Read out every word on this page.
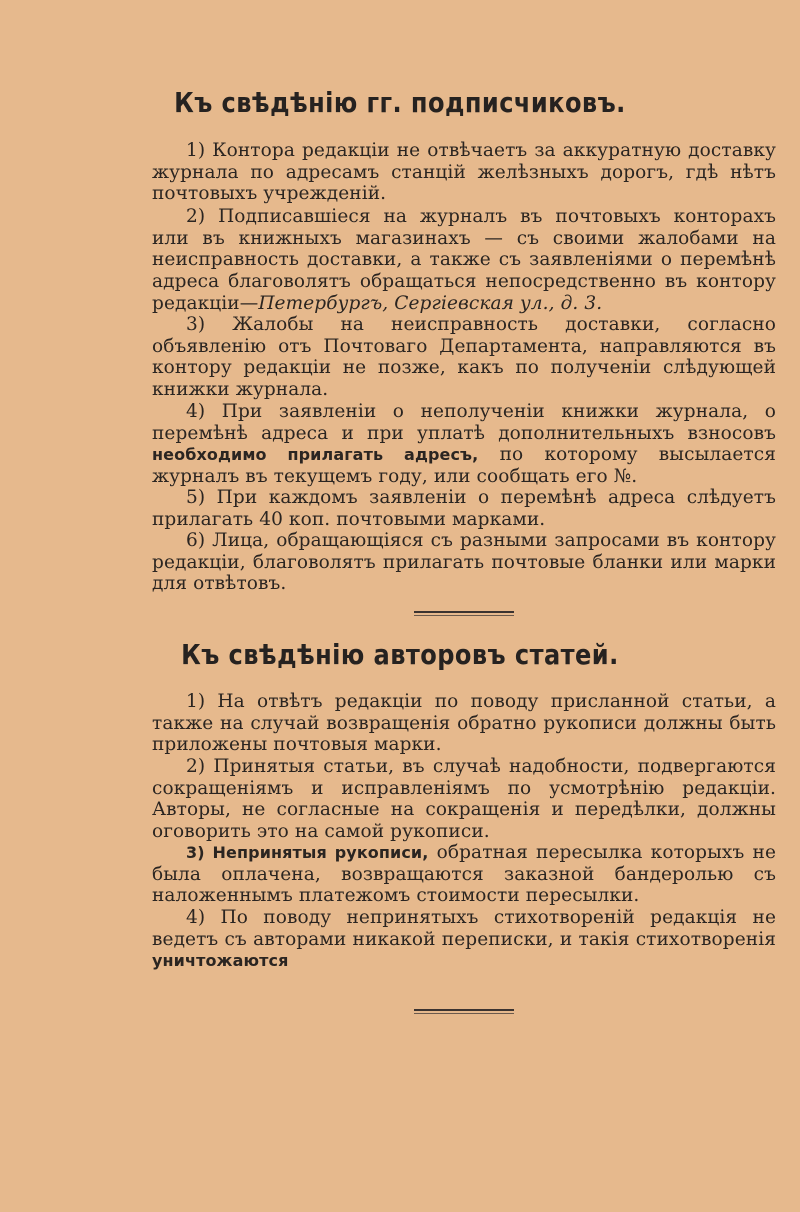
Къ свѣдѣнію гг. подписчиковъ.

1) Контора редакціи не отвѣчаетъ за аккуратную доставку журнала по адресамъ станцій желѣзныхъ дорогъ, гдѣ нѣтъ почтовыхъ учрежденій.

2) Подписавшiеся на журналъ въ почтовыхъ конторахъ или въ книжныхъ магазинахъ — съ своими жалобами на неисправность доставки, а также съ заявленіями о перемѣнѣ адреса благоволятъ обращаться непосредственно въ контору редакціи—Петербургъ, Сергіевская ул., д. 3.

3) Жалобы на неисправность доставки, согласно объявленію отъ Почтоваго Департамента, направляются въ контору редакціи не позже, какъ по полученіи слѣдующей книжки журнала.

4) При заявленіи о неполученіи книжки журнала, о перемѣнѣ адреса и при уплатѣ дополнительныхъ взносовъ необходимо прилагать адресъ, по которому высылается журналъ въ текущемъ году, или сообщать его №.

5) При каждомъ заявленіи о перемѣнѣ адреса слѣдуетъ прилагать 40 коп. почтовыми марками.

6) Лица, обращающіяся съ разными запросами въ контору редакціи, благоволятъ прилагать почтовые бланки или марки для отвѣтовъ.

Къ свѣдѣнію авторовъ статей.

1) На отвѣтъ редакціи по поводу присланной статьи, а также на случай возвращенія обратно рукописи должны быть приложены почтовыя марки.

2) Принятыя статьи, въ случаѣ надобности, подвергаются сокращеніямъ и исправленіямъ по усмотрѣнію редакціи. Авторы, не согласные на сокращенія и передѣлки, должны оговорить это на самой рукописи.

3) Непринятыя рукописи, обратная пересылка которыхъ не была оплачена, возвращаются заказной бандеролью съ наложеннымъ платежомъ стоимости пересылки.

4) По поводу непринятыхъ стихотвореній редакція не ведетъ съ авторами никакой переписки, и такія стихотворенія уничтожаются
